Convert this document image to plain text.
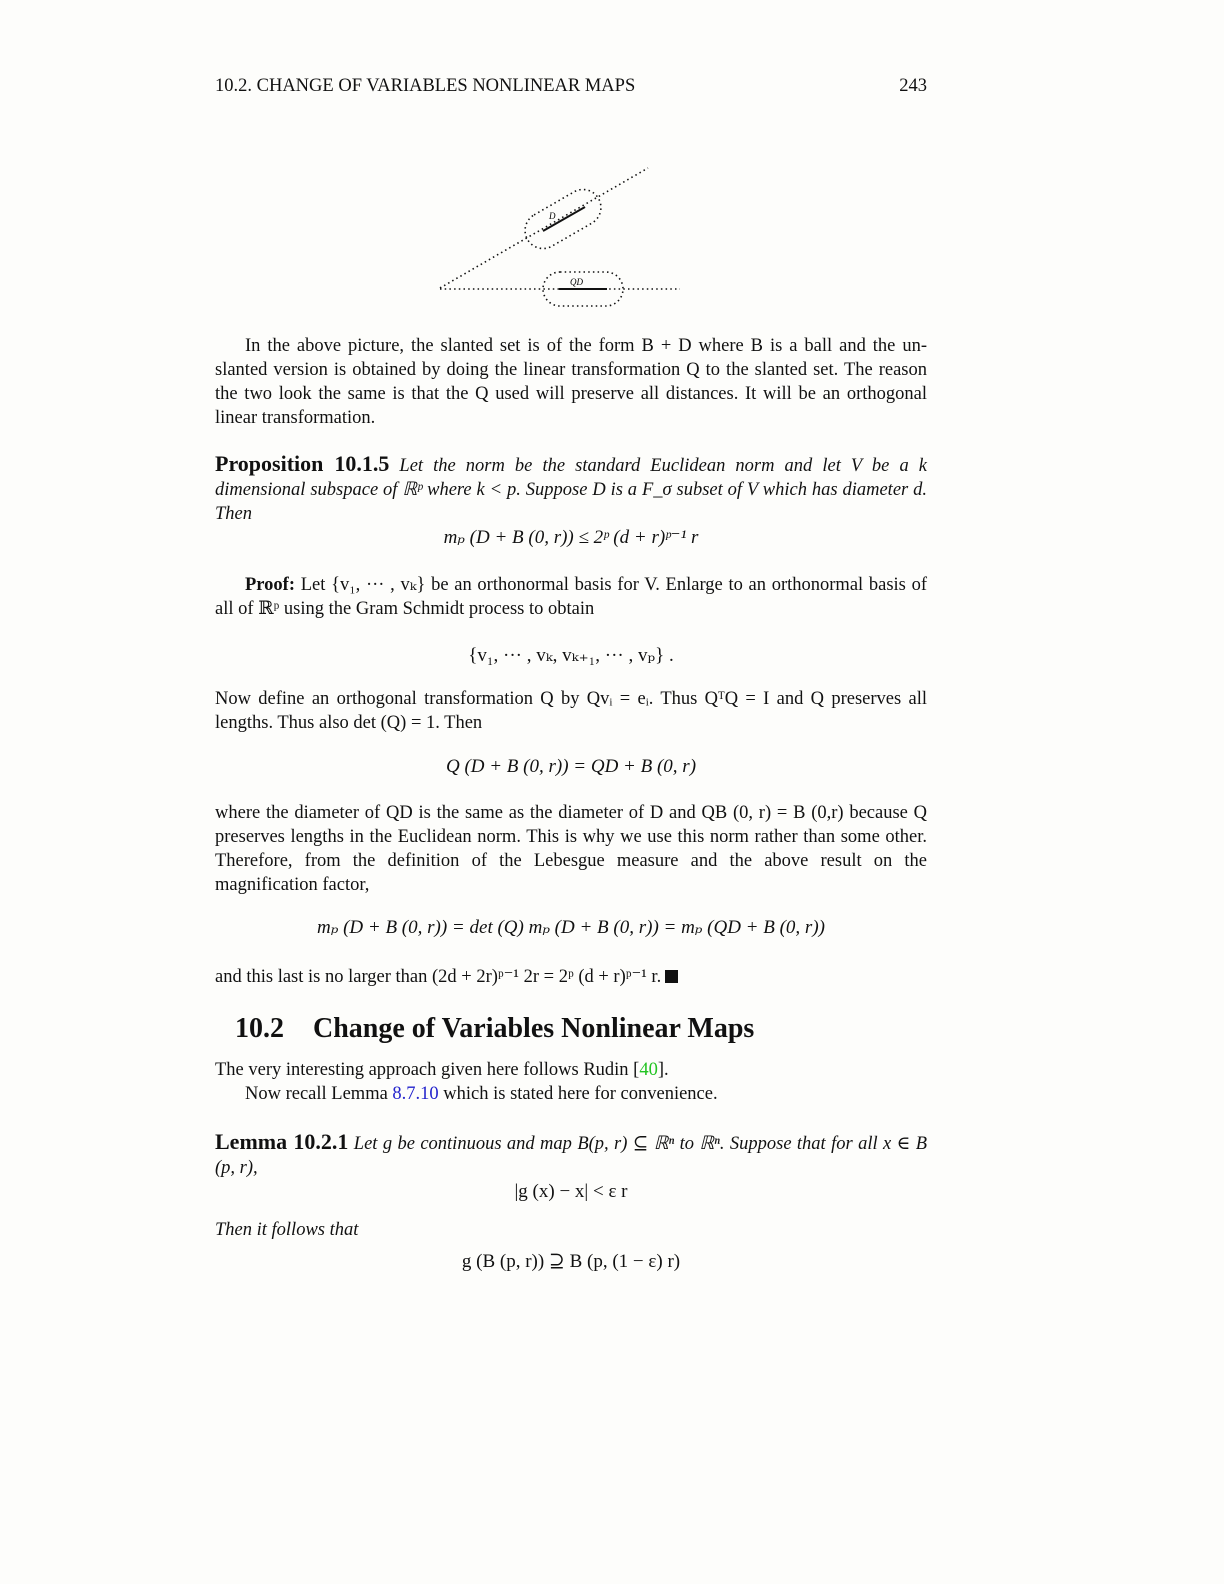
10.2. CHANGE OF VARIABLES NONLINEAR MAPS	243
D
QD
In the above picture, the slanted set is of the form B + D where B is a ball and the un-slanted version is obtained by doing the linear transformation Q to the slanted set. The reason the two look the same is that the Q used will preserve all distances. It will be an orthogonal linear transformation.
Proposition 10.1.5 Let the norm be the standard Euclidean norm and let V be a k dimensional subspace of ℝᵖ where k < p. Suppose D is a F_σ subset of V which has diameter d. Then
mₚ (D + B (0, r)) ≤ 2ᵖ (d + r)ᵖ⁻¹ r
Proof: Let {v₁, ··· , vₖ} be an orthonormal basis for V. Enlarge to an orthonormal basis of all of ℝᵖ using the Gram Schmidt process to obtain
{v₁, ··· , vₖ, vₖ₊₁, ··· , vₚ} .
Now define an orthogonal transformation Q by Qvᵢ = eᵢ. Thus QᵀQ = I and Q preserves all lengths. Thus also det (Q) = 1. Then
Q (D + B (0, r)) = QD + B (0, r)
where the diameter of QD is the same as the diameter of D and QB (0, r) = B (0,r) because Q preserves lengths in the Euclidean norm. This is why we use this norm rather than some other. Therefore, from the definition of the Lebesgue measure and the above result on the magnification factor,
mₚ (D + B (0, r)) = det (Q) mₚ (D + B (0, r)) = mₚ (QD + B (0, r))
and this last is no larger than (2d + 2r)ᵖ⁻¹ 2r = 2ᵖ (d + r)ᵖ⁻¹ r.
10.2 Change of Variables Nonlinear Maps
The very interesting approach given here follows Rudin [40].
Now recall Lemma 8.7.10 which is stated here for convenience.
Lemma 10.2.1 Let g be continuous and map B(p, r) ⊆ ℝⁿ to ℝⁿ. Suppose that for all x ∈ B (p, r),
|g (x) − x| < ε r
Then it follows that
g (B (p, r)) ⊇ B (p, (1 − ε) r)
